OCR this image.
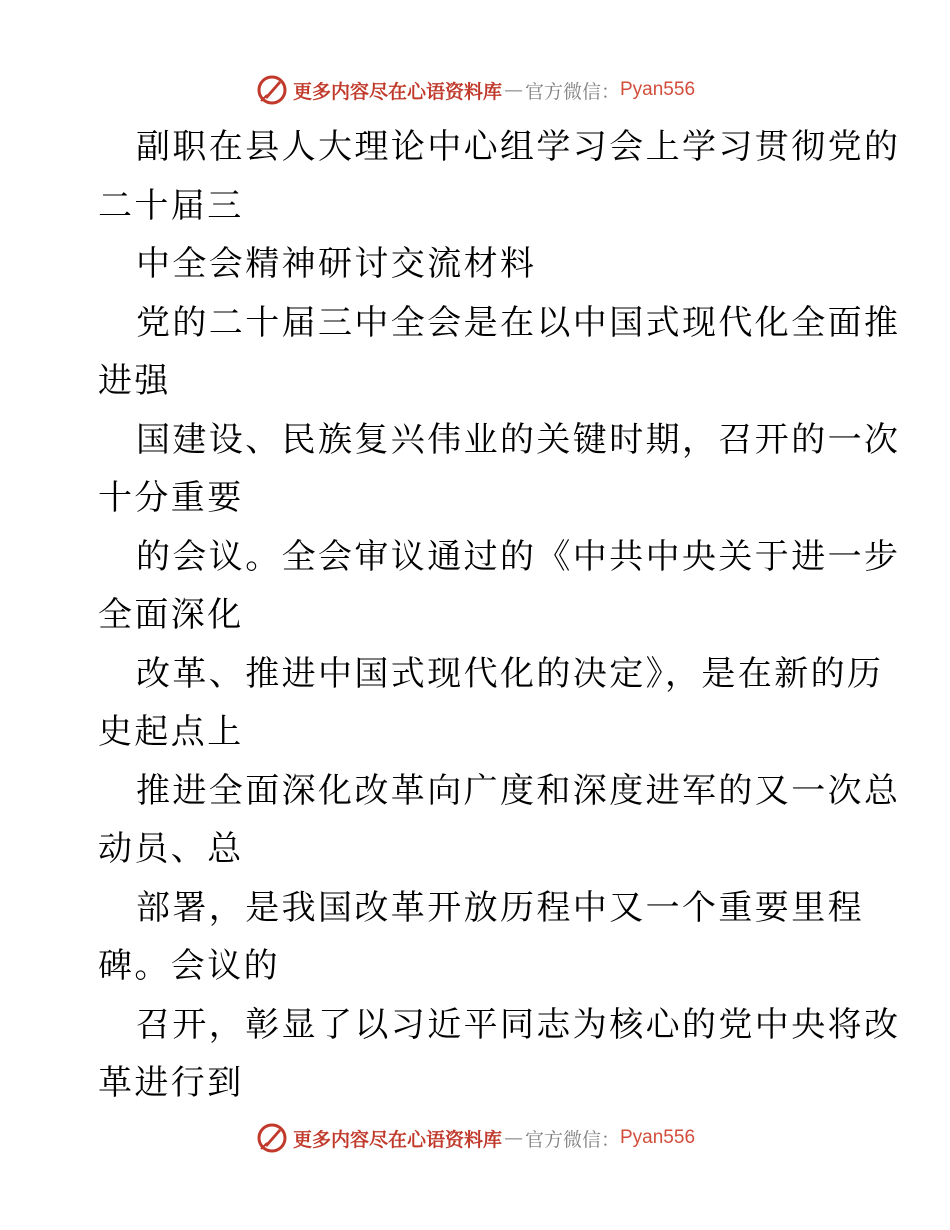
更多内容尽在心语资料库 — 官方微信： Pyan556
副职在县人大理论中心组学习会上学习贯彻党的
二十届三
中全会精神研讨交流材料
党的二十届三中全会是在以中国式现代化全面推
进强
国建设、民族复兴伟业的关键时期，召开的一次
十分重要
的会议。全会审议通过的《中共中央关于进一步
全面深化
改革、推进中国式现代化的决定》，是在新的历
史起点上
推进全面深化改革向广度和深度进军的又一次总
动员、总
部署，是我国改革开放历程中又一个重要里程
碑。会议的
召开，彰显了以习近平同志为核心的党中央将改
革进行到
更多内容尽在心语资料库 — 官方微信： Pyan556
